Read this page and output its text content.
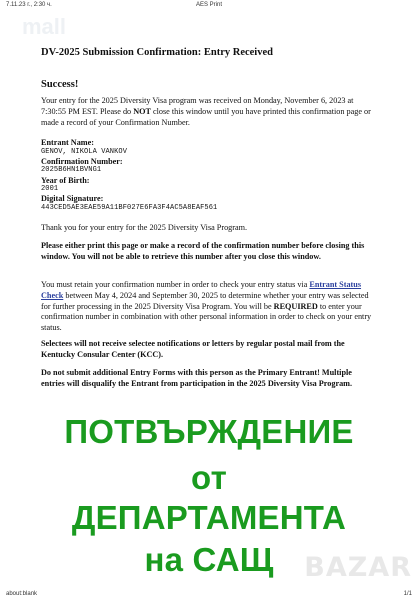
7.11.23 г., 2:30 ч.	AES Print
mall
DV-2025 Submission Confirmation: Entry Received
Success!

Your entry for the 2025 Diversity Visa program was received on Monday, November 6, 2023 at 7:30:55 PM EST. Please do NOT close this window until you have printed this confirmation page or made a record of your Confirmation Number.

Entrant Name:
GENOV, NIKOLA VANKOV
Confirmation Number:
2025B6HN1BVNG1
Year of Birth:
2001
Digital Signature:
443CED5AE3EAE59A11BF027E6FA3F4AC5A8EAF561

Thank you for your entry for the 2025 Diversity Visa Program.

Please either print this page or make a record of the confirmation number before closing this window. You will not be able to retrieve this number after you close this window.

You must retain your confirmation number in order to check your entry status via Entrant Status Check between May 4, 2024 and September 30, 2025 to determine whether your entry was selected for further processing in the 2025 Diversity Visa Program. You will be REQUIRED to enter your confirmation number in combination with other personal information in order to check on your entry status.

Selectees will not receive selectee notifications or letters by regular postal mail from the Kentucky Consular Center (KCC).

Do not submit additional Entry Forms with this person as the Primary Entrant! Multiple entries will disqualify the Entrant from participation in the 2025 Diversity Visa Program.

ПОТВЪРЖДЕНИЕ
от
ДЕПАРТАМЕНТА
на САЩ	BAZAR
about:blank	1/1
